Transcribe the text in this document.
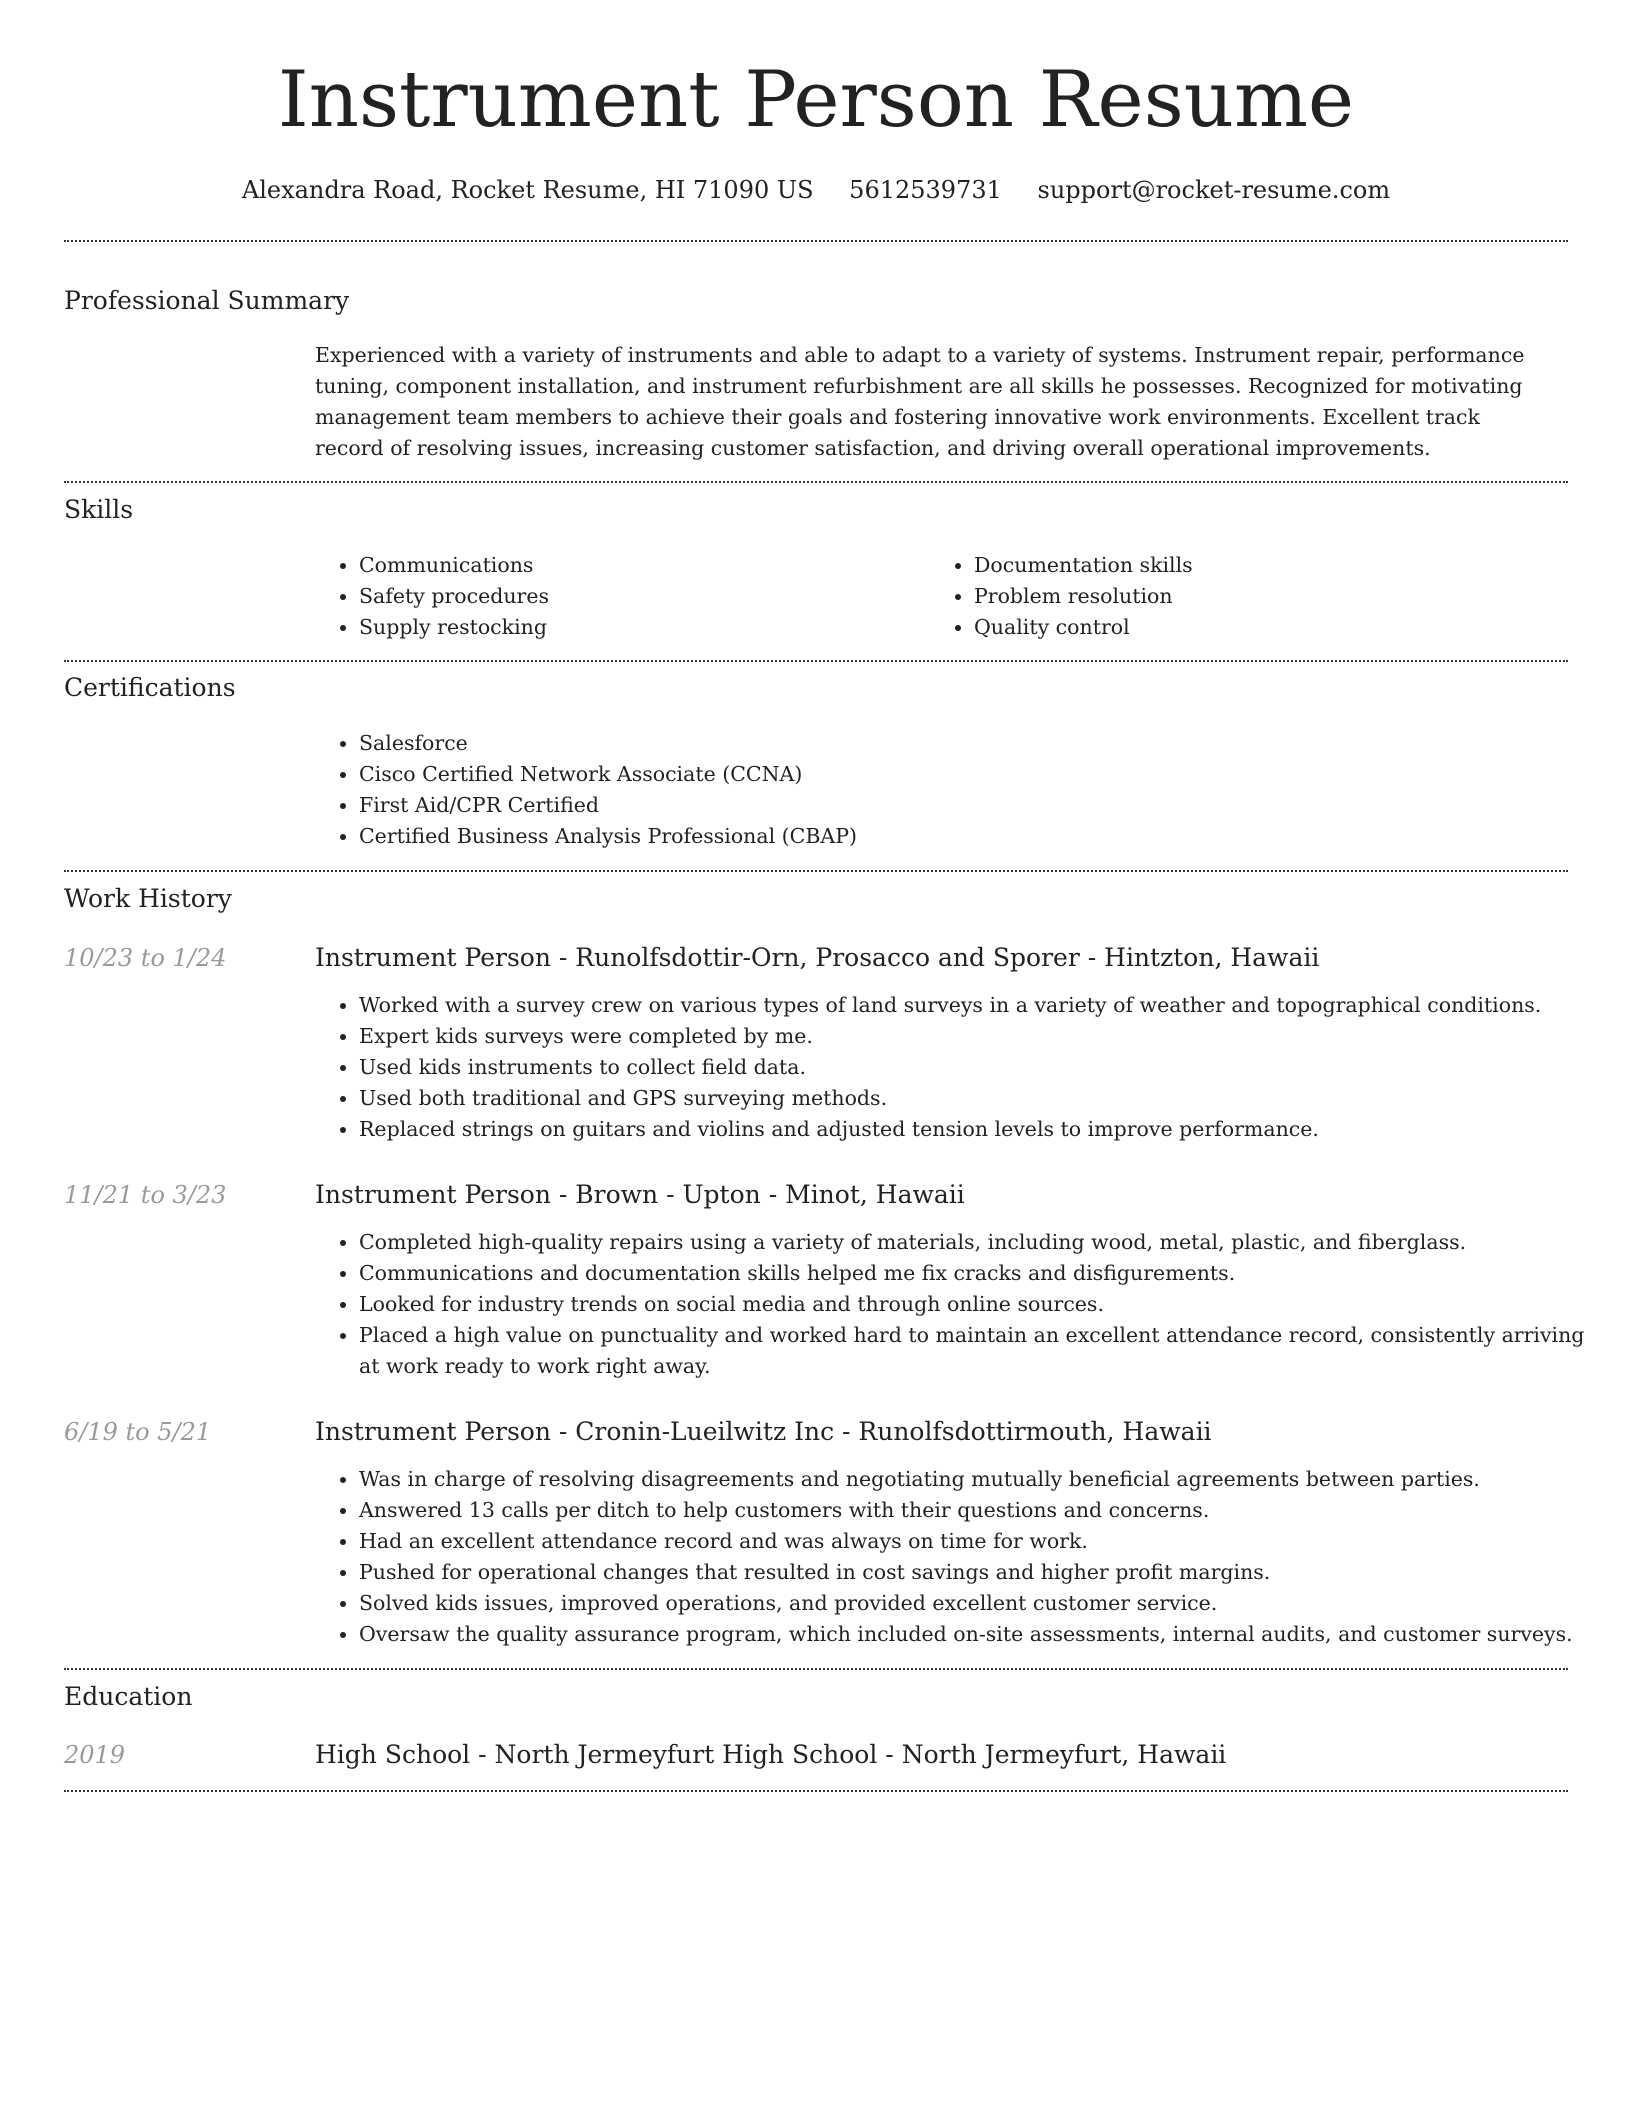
Instrument Person Resume
Alexandra Road, Rocket Resume, HI 71090 US 5612539731 support@rocket-resume.com
Professional Summary
Experienced with a variety of instruments and able to adapt to a variety of systems. Instrument repair, performance tuning, component installation, and instrument refurbishment are all skills he possesses. Recognized for motivating management team members to achieve their goals and fostering innovative work environments. Excellent track record of resolving issues, increasing customer satisfaction, and driving overall operational improvements.
Skills
• Communications
• Safety procedures
• Supply restocking
• Documentation skills
• Problem resolution
• Quality control
Certifications
• Salesforce
• Cisco Certified Network Associate (CCNA)
• First Aid/CPR Certified
• Certified Business Analysis Professional (CBAP)
Work History
10/23 to 1/24	Instrument Person - Runolfsdottir-Orn, Prosacco and Sporer - Hintzton, Hawaii
• Worked with a survey crew on various types of land surveys in a variety of weather and topographical conditions.
• Expert kids surveys were completed by me.
• Used kids instruments to collect field data.
• Used both traditional and GPS surveying methods.
• Replaced strings on guitars and violins and adjusted tension levels to improve performance.
11/21 to 3/23	Instrument Person - Brown - Upton - Minot, Hawaii
• Completed high-quality repairs using a variety of materials, including wood, metal, plastic, and fiberglass.
• Communications and documentation skills helped me fix cracks and disfigurements.
• Looked for industry trends on social media and through online sources.
• Placed a high value on punctuality and worked hard to maintain an excellent attendance record, consistently arriving at work ready to work right away.
6/19 to 5/21	Instrument Person - Cronin-Lueilwitz Inc - Runolfsdottirmouth, Hawaii
• Was in charge of resolving disagreements and negotiating mutually beneficial agreements between parties.
• Answered 13 calls per ditch to help customers with their questions and concerns.
• Had an excellent attendance record and was always on time for work.
• Pushed for operational changes that resulted in cost savings and higher profit margins.
• Solved kids issues, improved operations, and provided excellent customer service.
• Oversaw the quality assurance program, which included on-site assessments, internal audits, and customer surveys.
Education
2019	High School - North Jermeyfurt High School - North Jermeyfurt, Hawaii
